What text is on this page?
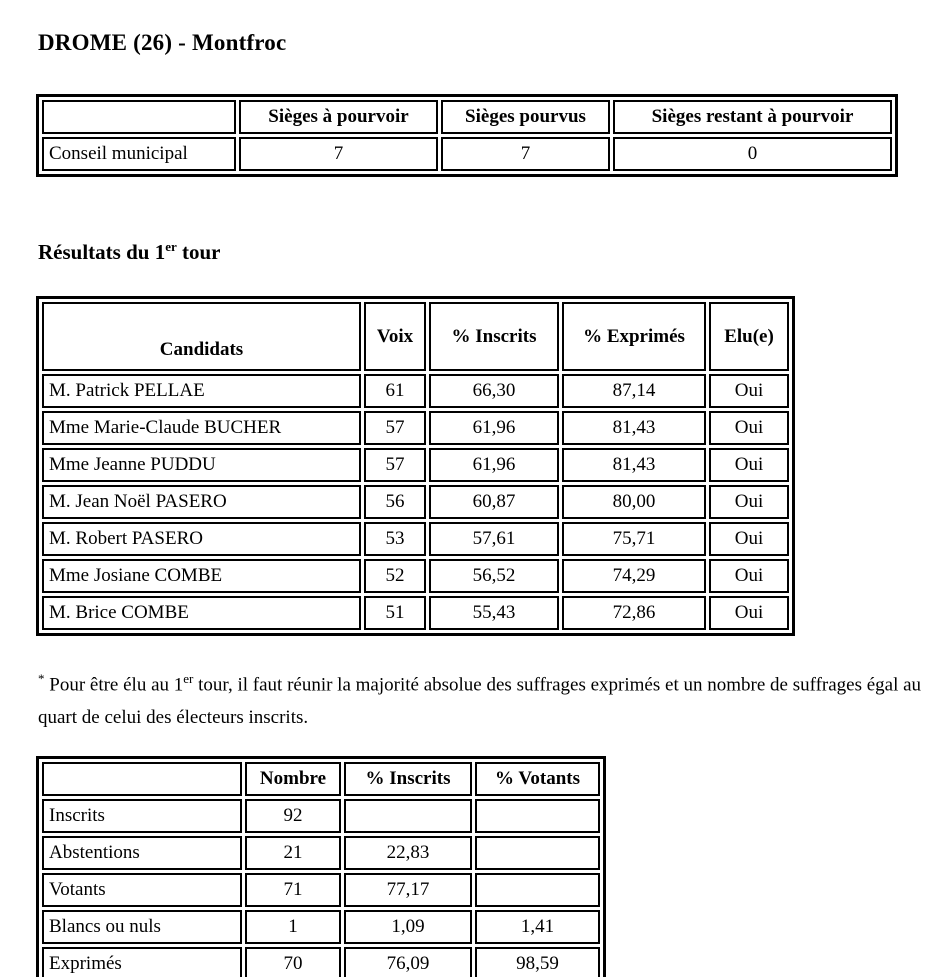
DROME (26) - Montfroc
	Sièges à pourvoir	Sièges pourvus	Sièges restant à pourvoir
Conseil municipal	7	7	0
Résultats du 1er tour
Candidats	Voix	% Inscrits	% Exprimés	Elu(e)
M. Patrick PELLAE	61	66,30	87,14	Oui
Mme Marie-Claude BUCHER	57	61,96	81,43	Oui
Mme Jeanne PUDDU	57	61,96	81,43	Oui
M. Jean Noël PASERO	56	60,87	80,00	Oui
M. Robert PASERO	53	57,61	75,71	Oui
Mme Josiane COMBE	52	56,52	74,29	Oui
M. Brice COMBE	51	55,43	72,86	Oui

* Pour être élu au 1er tour, il faut réunir la majorité absolue des suffrages exprimés et un nombre de suffrages égal au quart de celui des électeurs inscrits.

	Nombre	% Inscrits	% Votants
Inscrits	92		
Abstentions	21	22,83	
Votants	71	77,17	
Blancs ou nuls	1	1,09	1,41
Exprimés	70	76,09	98,59
